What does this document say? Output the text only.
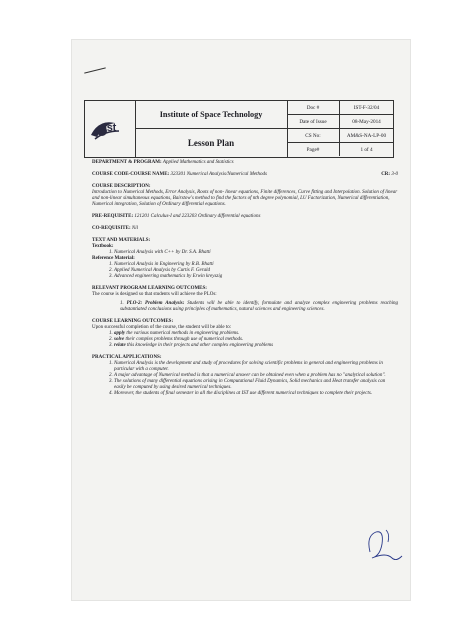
Institute of Space Technology
Lesson Plan
Doc #	IST-F-32/04
Date of Issue	08-May-2014
CS No:	AM&S-NA-LP-00
Page#	1 of 4
ist
DEPARTMENT & PROGRAM: Applied Mathematics and Statistics
COURSE CODE-COURSE NAME: 323301 Numerical Analysis/Numerical Methods	CR: 3-0
COURSE DESCRIPTION:
Introduction to Numerical Methods, Error Analysis, Roots of non- linear equations, Finite differences, Curve fitting and Interpolation. Solution of linear and non-linear simultaneous equations, Bairstow's method to find the factors of nth degree polynomial, LU Factorization, Numerical differentiation, Numerical integration, Solution of Ordinary differential equations.
PRE-REQUISITE: 121201 Calculus-I and 223203 Ordinary differential equations
CO-REQUISITE: Nil
TEXT AND MATERIALS:
Textbook:
1. Numerical Analysis with C++ by Dr. S.A. Bhatti
Reference Material:
1. Numerical Analysis in Engineering by R.B. Bhatti
2. Applied Numerical Analysis by Curtis F. Gerald
3. Advanced engineering mathematics by Erwin kreyszig
RELEVANT PROGRAM LEARNING OUTCOMES:
The course is designed so that students will achieve the PLOs:
1. PLO-2: Problem Analysis: Students will be able to identify, formulate and analyze complex engineering problems reaching substantiated conclusions using principles of mathematics, natural sciences and engineering sciences.
COURSE LEARNING OUTCOMES:
Upon successful completion of the course, the student will be able to:
1. apply the various numerical methods in engineering problems.
2. solve their complex problems through use of numerical methods.
3. relate this knowledge in their projects and other complex engineering problems
PRACTICAL APPLICATIONS:
1. Numerical Analysis is the development and study of procedures for solving scientific problems in general and engineering problems in particular with a computer.
2. A major advantage of Numerical method is that a numerical answer can be obtained even when a problem has no "analytical solution".
3. The solutions of many differential equations arising in Computational Fluid Dynamics, Solid mechanics and Heat transfer analysis can easily be computed by using desired numerical techniques.
4. Moreover, the students of final semester in all the disciplines at IST use different numerical techniques to complete their projects.
